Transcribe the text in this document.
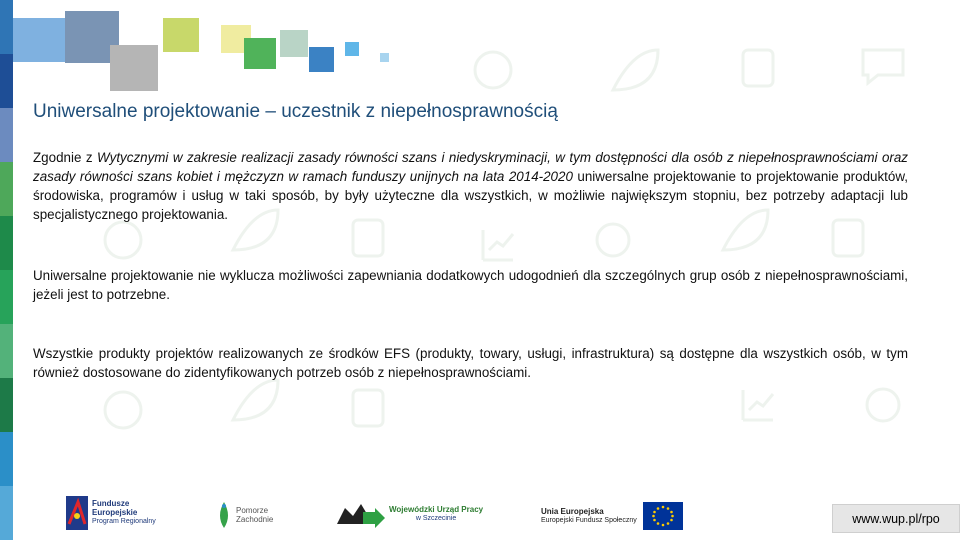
Uniwersalne projektowanie – uczestnik z niepełnosprawnością

Zgodnie z Wytycznymi w zakresie realizacji zasady równości szans i niedyskryminacji, w tym dostępności dla osób z niepełnosprawnościami oraz zasady równości szans kobiet i mężczyzn w ramach funduszy unijnych na lata 2014-2020 uniwersalne projektowanie to projektowanie produktów, środowiska, programów i usług w taki sposób, by były użyteczne dla wszystkich, w możliwie największym stopniu, bez potrzeby adaptacji lub specjalistycznego projektowania.

Uniwersalne projektowanie nie wyklucza możliwości zapewniania dodatkowych udogodnień dla szczególnych grup osób z niepełnosprawnościami, jeżeli jest to potrzebne.

Wszystkie produkty projektów realizowanych ze środków EFS (produkty, towary, usługi, infrastruktura) są dostępne dla wszystkich osób, w tym również dostosowane do zidentyfikowanych potrzeb osób z niepełnosprawnościami.

Fundusze
Europejskie
Program Regionalny
Pomorze
Zachodnie
Wojewódzki Urząd Pracy
w Szczecinie
Unia Europejska
Europejski Fundusz Społeczny	www.wup.pl/rpo
